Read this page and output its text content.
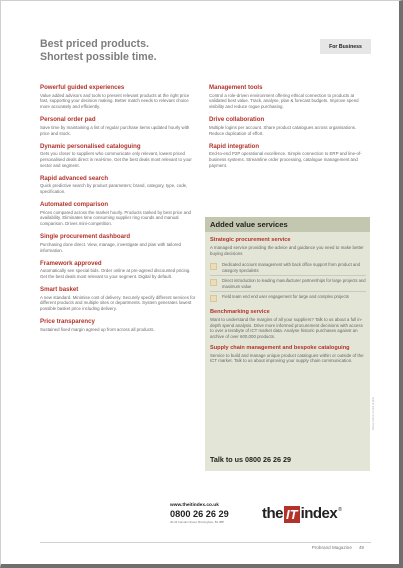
Best priced products.
Shortest possible time.
For Business
Powerful guided experiences
Value added advisors and tools to present relevant products at the right price fast, supporting your decision making. Better match needs to relevant choice more accurately and efficiently.
Personal order pad
Save time by maintaining a list of regular purchase items updated hourly with price and stock.
Dynamic personalised cataloguing
Gets you closer to suppliers who communicate only relevant, lowest priced personalised deals direct in real-time. Get the best deals most relevant to your sector and segment.
Rapid advanced search
Quick predictive search by product parameters; brand, category, type, code, specification.
Automated comparison
Prices compared across the market hourly. Products ranked by best price and availability. Eliminates time consuming supplier ring rounds and manual comparison. Drives mini-competition.
Single procurement dashboard
Purchasing done direct. View, manage, investigate and plan with tailored information.
Framework approved
Automatically see special bids. Order online at pre-agreed discounted pricing. Get the best deals most relevant to your segment. Digital by default.
Smart basket
A new standard. Minimise cost of delivery. Securely specify different services for different products and multiple sites or departments. System generates lowest possible basket price including delivery.
Price transparency
Sustained fixed margin agreed up front across all products.
Management tools
Control a role-driven environment offering ethical connection to products at validated best value. Track, analyse, plan & forecast budgets. Improve spend visibility and reduce rogue purchasing.
Drive collaboration
Multiple logins per account. Share product catalogues across organisations. Reduce duplication of effort.
Rapid integration
End-to-end P2P operational excellence. Simple connection to ERP and line-of-business systems. Streamline order processing, catalogue management and payment.
Added value services
Strategic procurement service
A managed service providing the advice and guidance you need to make better buying decisions
Dedicated account management with back office support from product and category specialists
Direct introduction to leading manufacturer partnerships for large projects and maximum value
Field team end end user engagement for large and complex projects
Benchmarking service
Want to understand the margins of all your suppliers? Talk to us about a full in-depth spend analysis. Drive more informed procurement decisions with access to over a terabyte of ICT market data. Analyse historic purchases against an archive of over 600,000 products.
Supply chain management and bespoke cataloguing
Service to build and manage unique product catalogues within or outside of the ICT market. Talk to us about improving your supply chain communication.
Talk to us 0800 26 26 29
Prices correct at time of print
www.theitindex.co.uk
0800 26 26 29
40-43 Camden Street, Birmingham, B1 3BP	the IT index ®
Probrand Magazine 49
